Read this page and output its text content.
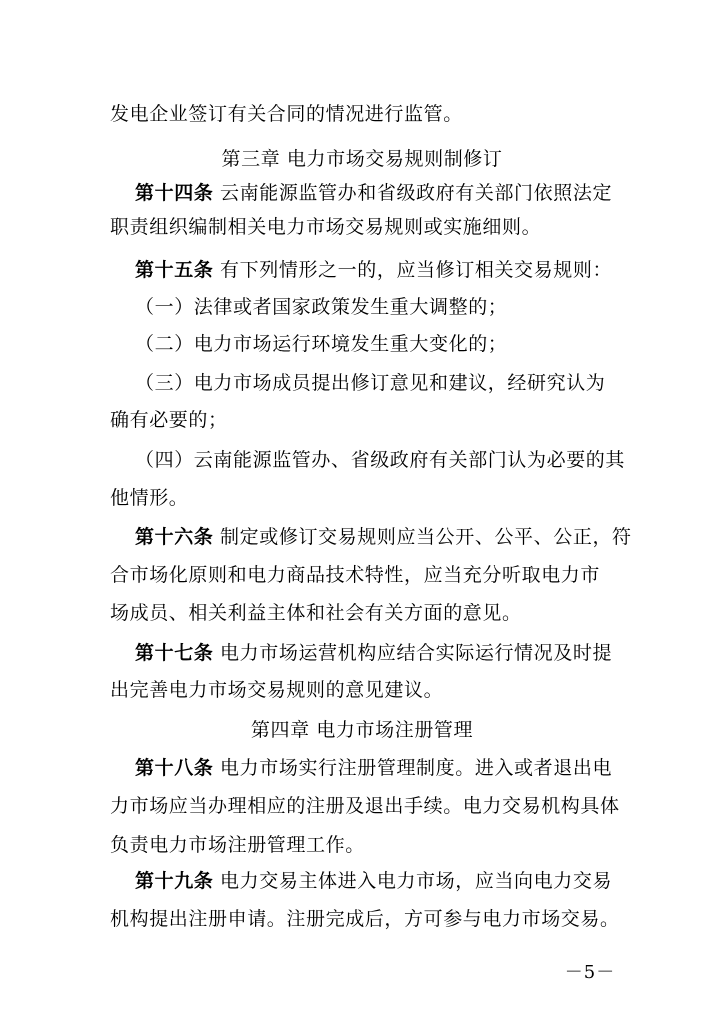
发电企业签订有关合同的情况进行监管。
第三章 电力市场交易规则制修订
第十四条 云南能源监管办和省级政府有关部门依照法定
职责组织编制相关电力市场交易规则或实施细则。
第十五条 有下列情形之一的，应当修订相关交易规则：
（一）法律或者国家政策发生重大调整的；
（二）电力市场运行环境发生重大变化的；
（三）电力市场成员提出修订意见和建议，经研究认为
确有必要的；
（四）云南能源监管办、省级政府有关部门认为必要的其
他情形。
第十六条 制定或修订交易规则应当公开、公平、公正，符
合市场化原则和电力商品技术特性，应当充分听取电力市
场成员、相关利益主体和社会有关方面的意见。
第十七条 电力市场运营机构应结合实际运行情况及时提
出完善电力市场交易规则的意见建议。
第四章 电力市场注册管理
第十八条 电力市场实行注册管理制度。进入或者退出电
力市场应当办理相应的注册及退出手续。电力交易机构具体
负责电力市场注册管理工作。
第十九条 电力交易主体进入电力市场，应当向电力交易
机构提出注册申请。注册完成后，方可参与电力市场交易。
－5－
